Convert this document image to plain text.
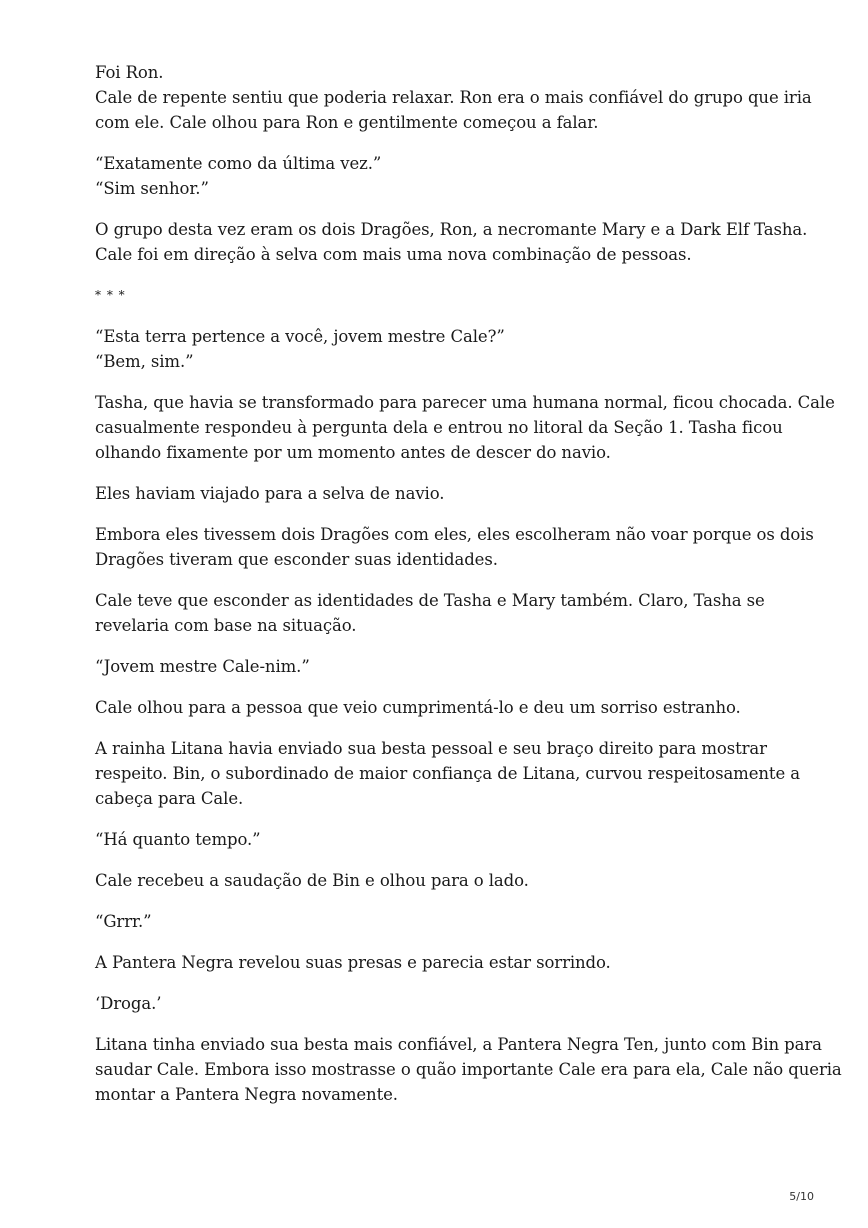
Foi Ron.
Cale de repente sentiu que poderia relaxar. Ron era o mais confiável do grupo que iria
com ele. Cale olhou para Ron e gentilmente começou a falar.
“Exatamente como da última vez.”
“Sim senhor.”
O grupo desta vez eram os dois Dragões, Ron, a necromante Mary e a Dark Elf Tasha.
Cale foi em direção à selva com mais uma nova combinação de pessoas.
* * *
“Esta terra pertence a você, jovem mestre Cale?”
“Bem, sim.”
Tasha, que havia se transformado para parecer uma humana normal, ficou chocada. Cale
casualmente respondeu à pergunta dela e entrou no litoral da Seção 1. Tasha ficou
olhando fixamente por um momento antes de descer do navio.
Eles haviam viajado para a selva de navio.
Embora eles tivessem dois Dragões com eles, eles escolheram não voar porque os dois
Dragões tiveram que esconder suas identidades.
Cale teve que esconder as identidades de Tasha e Mary também. Claro, Tasha se
revelaria com base na situação.
“Jovem mestre Cale-nim.”
Cale olhou para a pessoa que veio cumprimentá-lo e deu um sorriso estranho.
A rainha Litana havia enviado sua besta pessoal e seu braço direito para mostrar
respeito. Bin, o subordinado de maior confiança de Litana, curvou respeitosamente a
cabeça para Cale.
“Há quanto tempo.”
Cale recebeu a saudação de Bin e olhou para o lado.
“Grrr.”
A Pantera Negra revelou suas presas e parecia estar sorrindo.
‘Droga.’
Litana tinha enviado sua besta mais confiável, a Pantera Negra Ten, junto com Bin para
saudar Cale. Embora isso mostrasse o quão importante Cale era para ela, Cale não queria
montar a Pantera Negra novamente.
5/10
